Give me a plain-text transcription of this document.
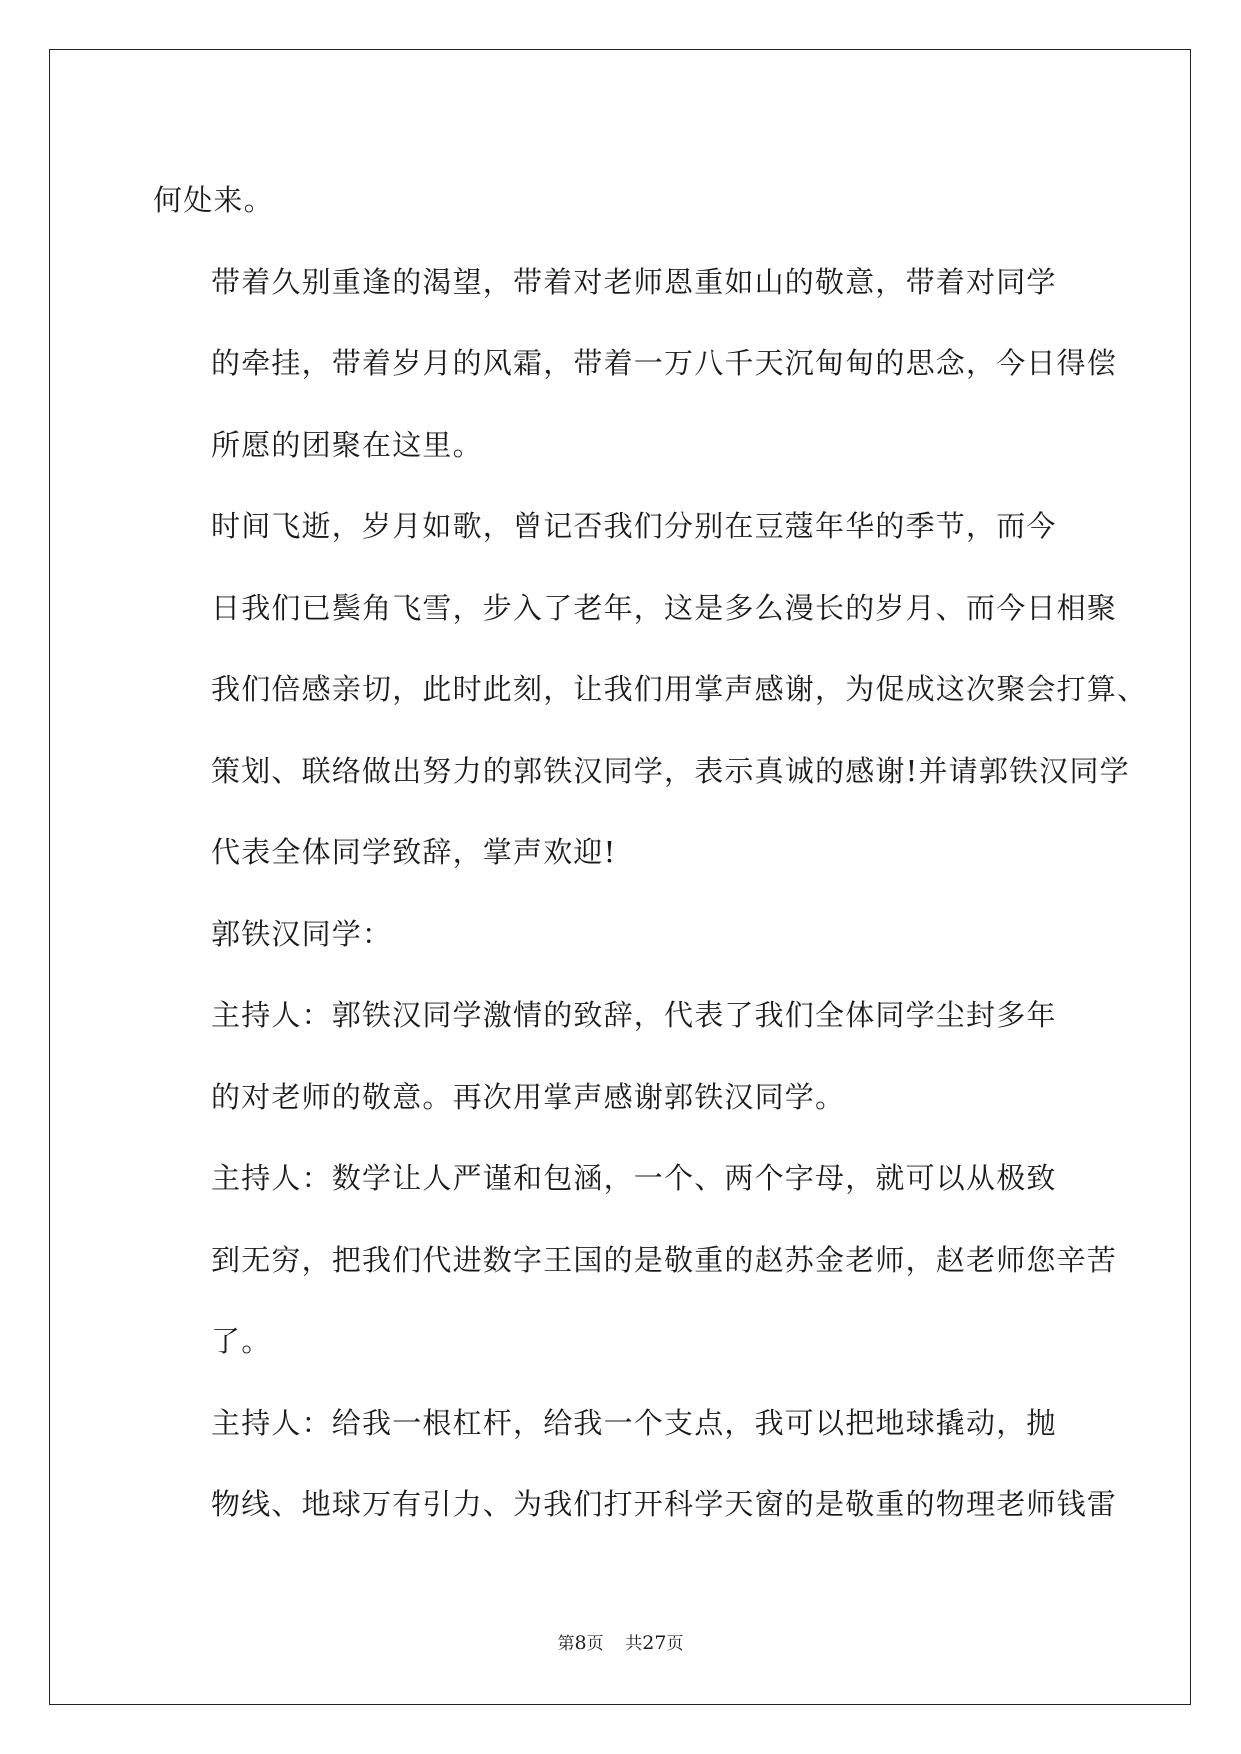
何处来。

带着久别重逢的渴望，带着对老师恩重如山的敬意，带着对同学
的牵挂，带着岁月的风霜，带着一万八千天沉甸甸的思念，今日得偿
所愿的团聚在这里。

时间飞逝，岁月如歌，曾记否我们分别在豆蔻年华的季节，而今
日我们已鬓角飞雪，步入了老年，这是多么漫长的岁月、而今日相聚
我们倍感亲切，此时此刻，让我们用掌声感谢，为促成这次聚会打算、
策划、联络做出努力的郭铁汉同学，表示真诚的感谢!并请郭铁汉同学
代表全体同学致辞，掌声欢迎!

郭铁汉同学：

主持人：郭铁汉同学激情的致辞，代表了我们全体同学尘封多年
的对老师的敬意。再次用掌声感谢郭铁汉同学。

主持人：数学让人严谨和包涵，一个、两个字母，就可以从极致
到无穷，把我们代进数字王国的是敬重的赵苏金老师，赵老师您辛苦
了。

主持人：给我一根杠杆，给我一个支点，我可以把地球撬动，抛
物线、地球万有引力、为我们打开科学天窗的是敬重的物理老师钱雷

第8页 共27页
